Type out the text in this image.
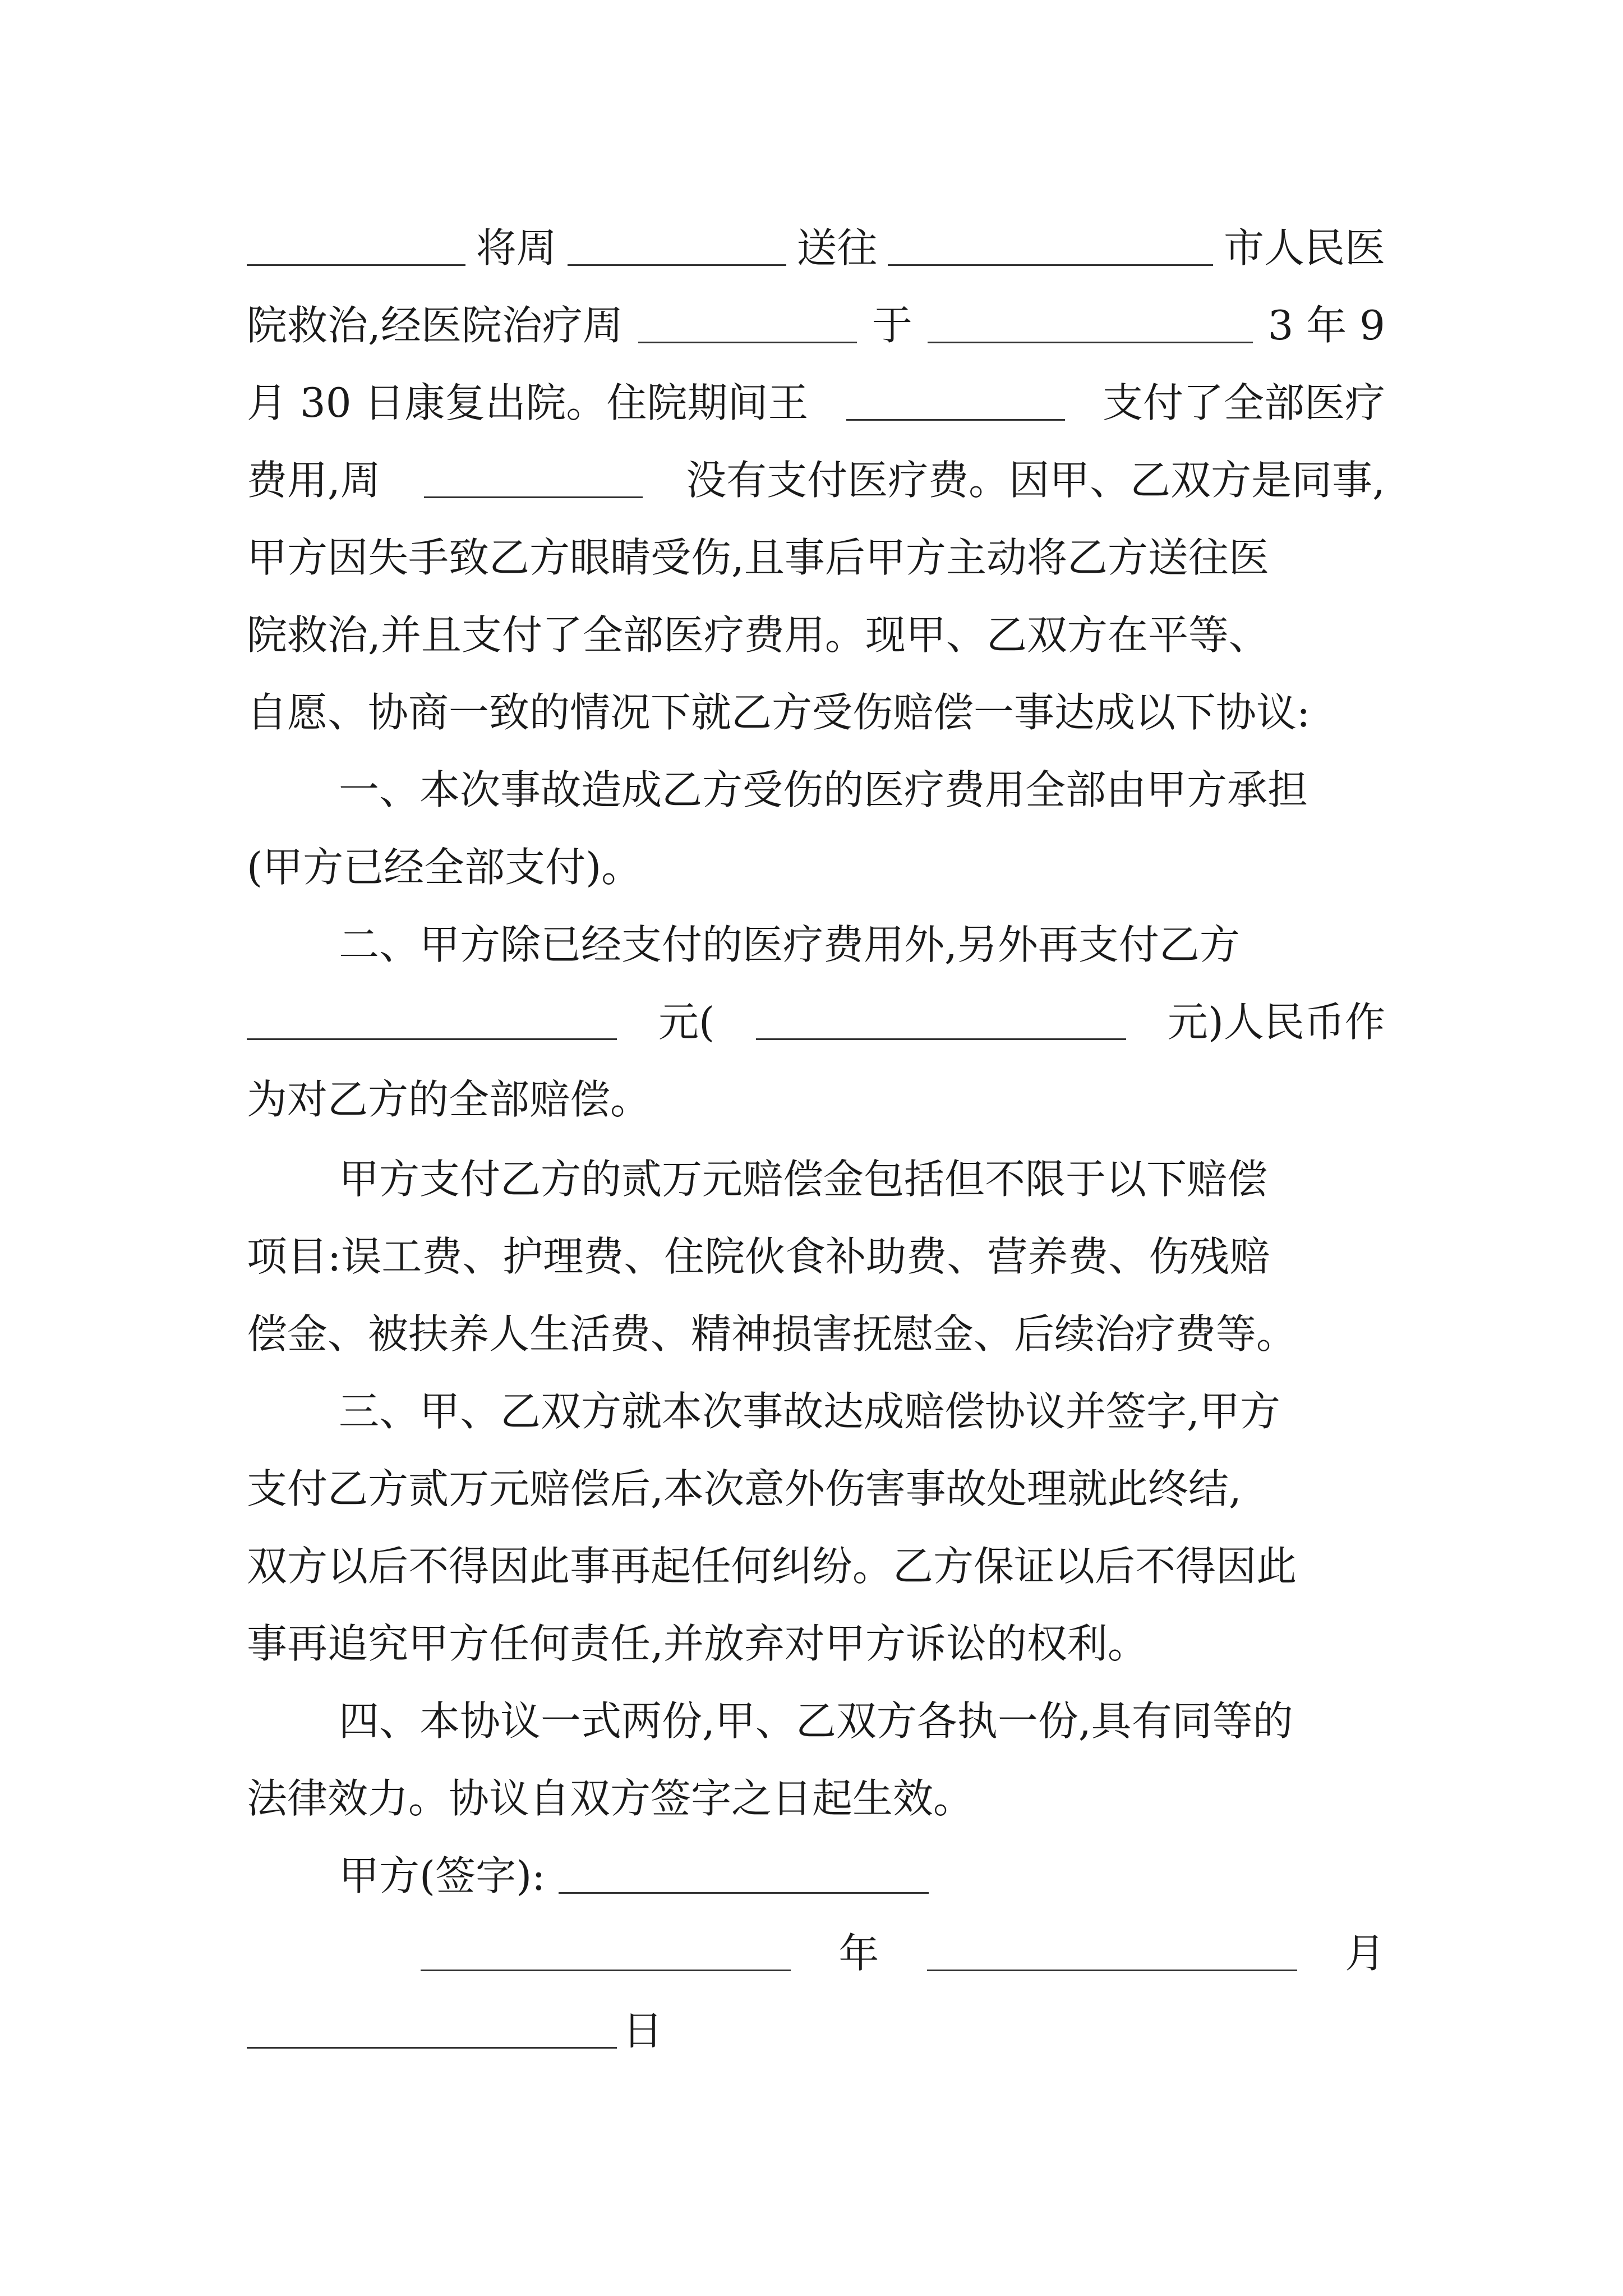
将周	送往	市人民医
院救治,经医院治疗周	于	3 年 9
月 30 日康复出院。住院期间王	支付了全部医疗
费用,周	没有支付医疗费。因甲、乙双方是同事,
甲方因失手致乙方眼睛受伤,且事后甲方主动将乙方送往医
院救治,并且支付了全部医疗费用。现甲、乙双方在平等、
自愿、协商一致的情况下就乙方受伤赔偿一事达成以下协议:
一、本次事故造成乙方受伤的医疗费用全部由甲方承担
(甲方已经全部支付)。
二、甲方除已经支付的医疗费用外,另外再支付乙方
元(	元)人民币作
为对乙方的全部赔偿。
甲方支付乙方的贰万元赔偿金包括但不限于以下赔偿
项目:误工费、护理费、住院伙食补助费、营养费、伤残赔
偿金、被扶养人生活费、精神损害抚慰金、后续治疗费等。
三、甲、乙双方就本次事故达成赔偿协议并签字,甲方
支付乙方贰万元赔偿后,本次意外伤害事故处理就此终结,
双方以后不得因此事再起任何纠纷。乙方保证以后不得因此
事再追究甲方任何责任,并放弃对甲方诉讼的权利。
四、本协议一式两份,甲、乙双方各执一份,具有同等的
法律效力。协议自双方签字之日起生效。
甲方(签字):
年	月
日
